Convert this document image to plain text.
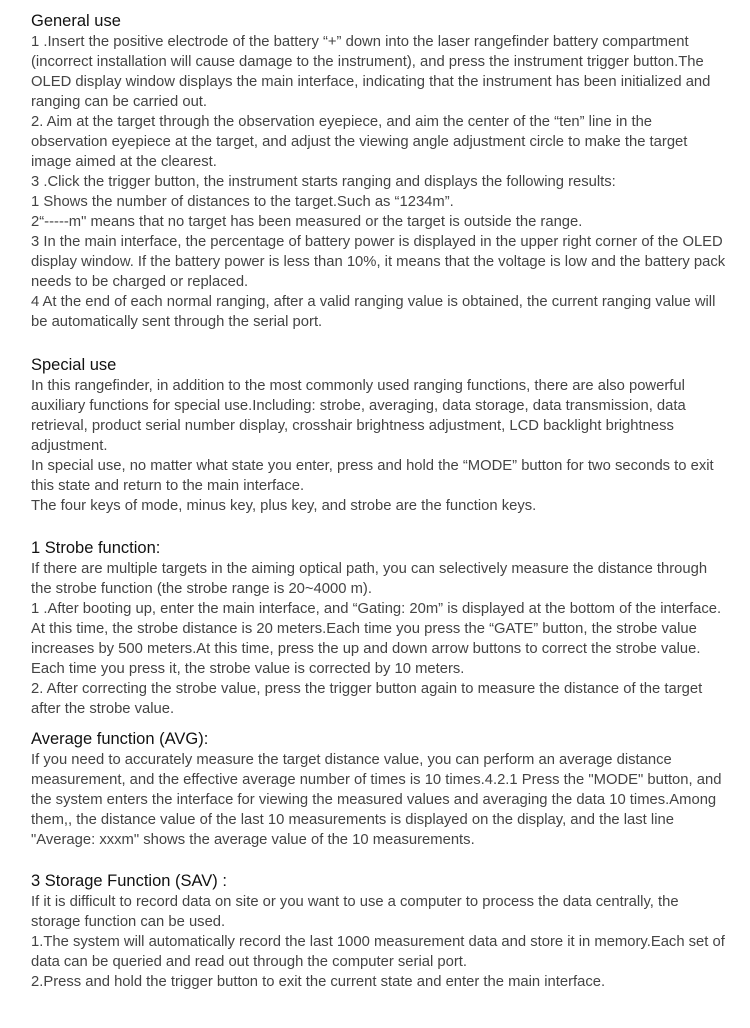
General use

1 .Insert the positive electrode of the battery “+” down into the laser rangefinder battery compartment (incorrect installation will cause damage to the instrument), and press the instrument trigger button.The OLED display window displays the main interface, indicating that the instrument has been initialized and ranging can be carried out.

2. Aim at the target through the observation eyepiece, and aim the center of the “ten” line in the observation eyepiece at the target, and adjust the viewing angle adjustment circle to make the target image aimed at the clearest.

3 .Click the trigger button, the instrument starts ranging and displays the following results:

1 Shows the number of distances to the target.Such as “1234m”.

2“-----m" means that no target has been measured or the target is outside the range.

3 In the main interface, the percentage of battery power is displayed in the upper right corner of the OLED display window. If the battery power is less than 10%, it means that the voltage is low and the battery pack needs to be charged or replaced.

4 At the end of each normal ranging, after a valid ranging value is obtained, the current ranging value will be automatically sent through the serial port.

Special use

In this rangefinder, in addition to the most commonly used ranging functions, there are also powerful auxiliary functions for special use.Including: strobe, averaging, data storage, data transmission, data retrieval, product serial number display, crosshair brightness adjustment, LCD backlight brightness adjustment.

In special use, no matter what state you enter, press and hold the “MODE” button for two seconds to exit this state and return to the main interface.

The four keys of mode, minus key, plus key, and strobe are the function keys.

1 Strobe function:

If there are multiple targets in the aiming optical path, you can selectively measure the distance through the strobe function (the strobe range is 20~4000 m).

1 .After booting up, enter the main interface, and “Gating: 20m” is displayed at the bottom of the interface. At this time, the strobe distance is 20 meters.Each time you press the “GATE” button, the strobe value increases by 500 meters.At this time, press the up and down arrow buttons to correct the strobe value. Each time you press it, the strobe value is corrected by 10 meters.

2. After correcting the strobe value, press the trigger button again to measure the distance of the target after the strobe value.

Average function (AVG):

If you need to accurately measure the target distance value, you can perform an average distance measurement, and the effective average number of times is 10 times.4.2.1 Press the "MODE" button, and the system enters the interface for viewing the measured values and averaging the data 10 times.Among them,, the distance value of the last 10 measurements is displayed on the display, and the last line "Average: xxxm" shows the average value of the 10 measurements.

3 Storage Function (SAV) :

If it is difficult to record data on site or you want to use a computer to process the data centrally, the storage function can be used.

1.The system will automatically record the last 1000 measurement data and store it in memory.Each set of data can be queried and read out through the computer serial port.

2.Press and hold the trigger button to exit the current state and enter the main interface.
